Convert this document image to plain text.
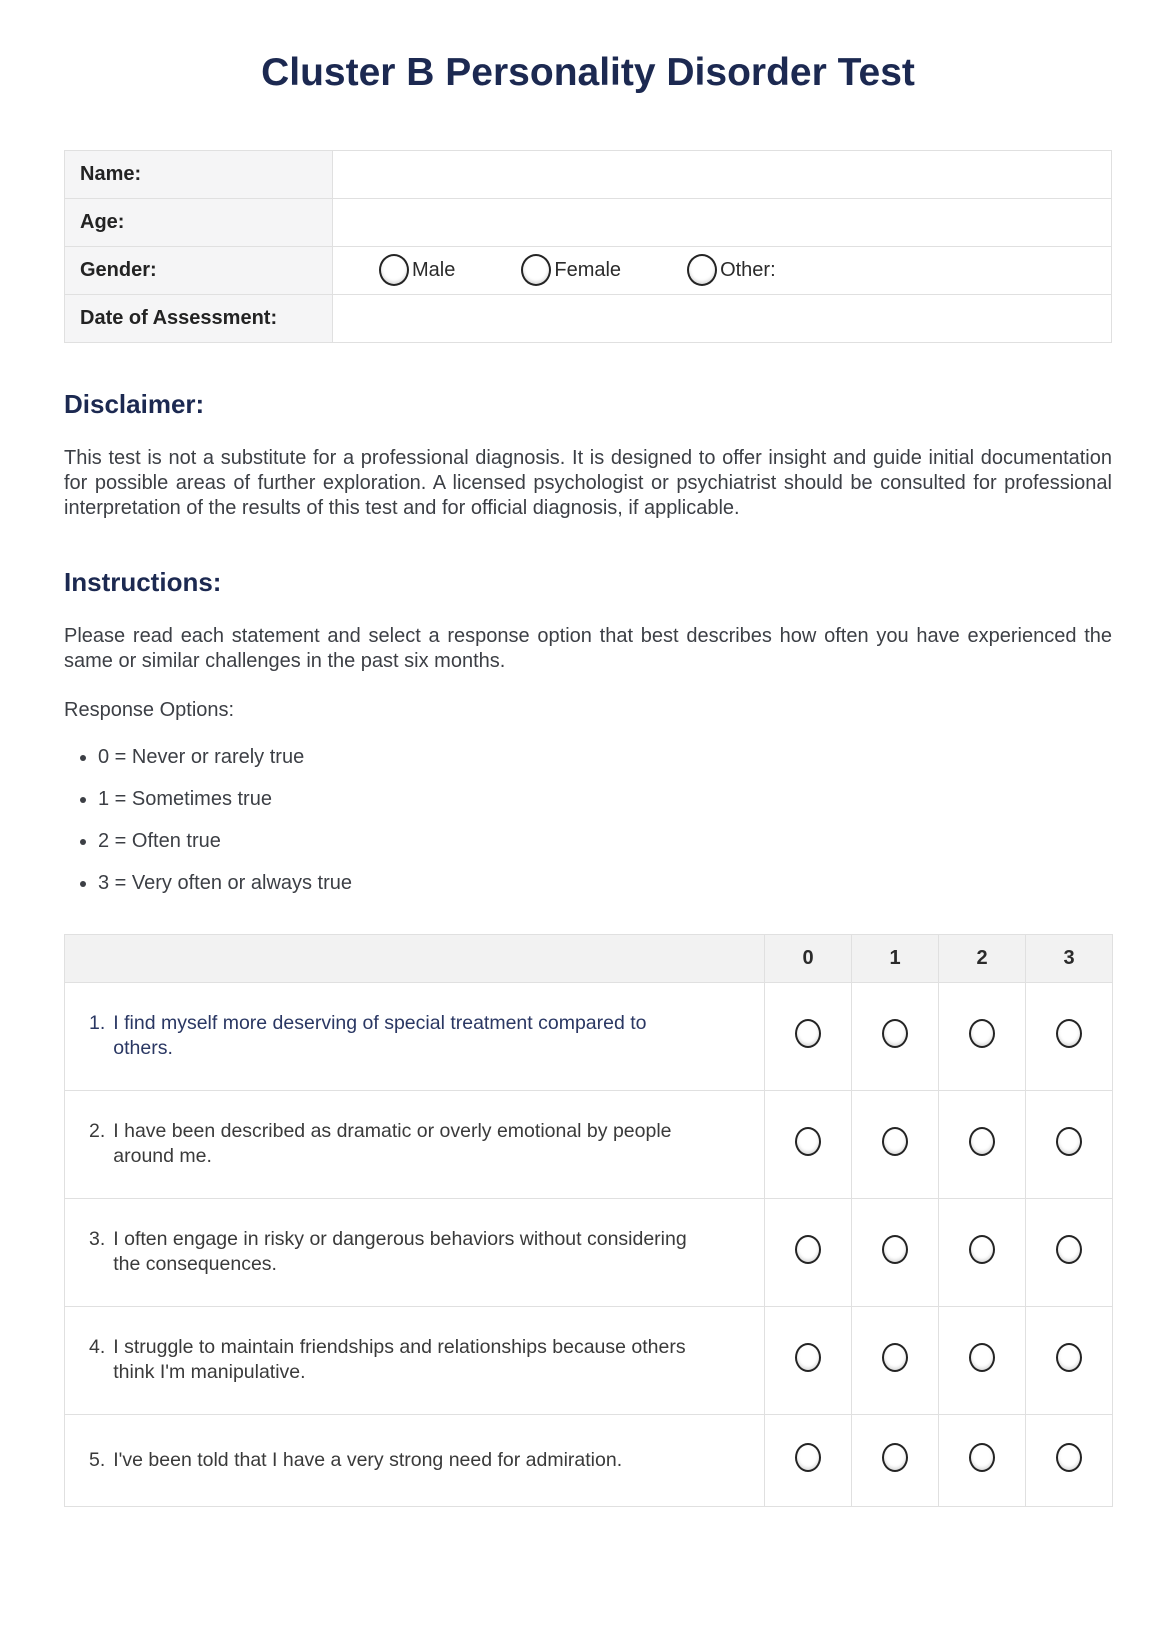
Cluster B Personality Disorder Test
Name:	
Age:	
Gender:	Male Female Other:

Date of Assessment:	
Disclaimer:

This test is not a substitute for a professional diagnosis. It is designed to offer insight and guide initial documentation for possible areas of further exploration. A licensed psychologist or psychiatrist should be consulted for professional interpretation of the results of this test and for official diagnosis, if applicable.

Instructions:

Please read each statement and select a response option that best describes how often you have experienced the same or similar challenges in the past six months.

Response Options:

• 0 = Never or rarely true
• 1 = Sometimes true
• 2 = Often true
• 3 = Very often or always true
	0	1	2	3

1. I find myself more deserving of special treatment compared to others.				

2. I have been described as dramatic or overly emotional by people around me.				

3. I often engage in risky or dangerous behaviors without considering the consequences.				

4. I struggle to maintain friendships and relationships because others think I'm manipulative.				

5. I've been told that I have a very strong need for admiration.				
